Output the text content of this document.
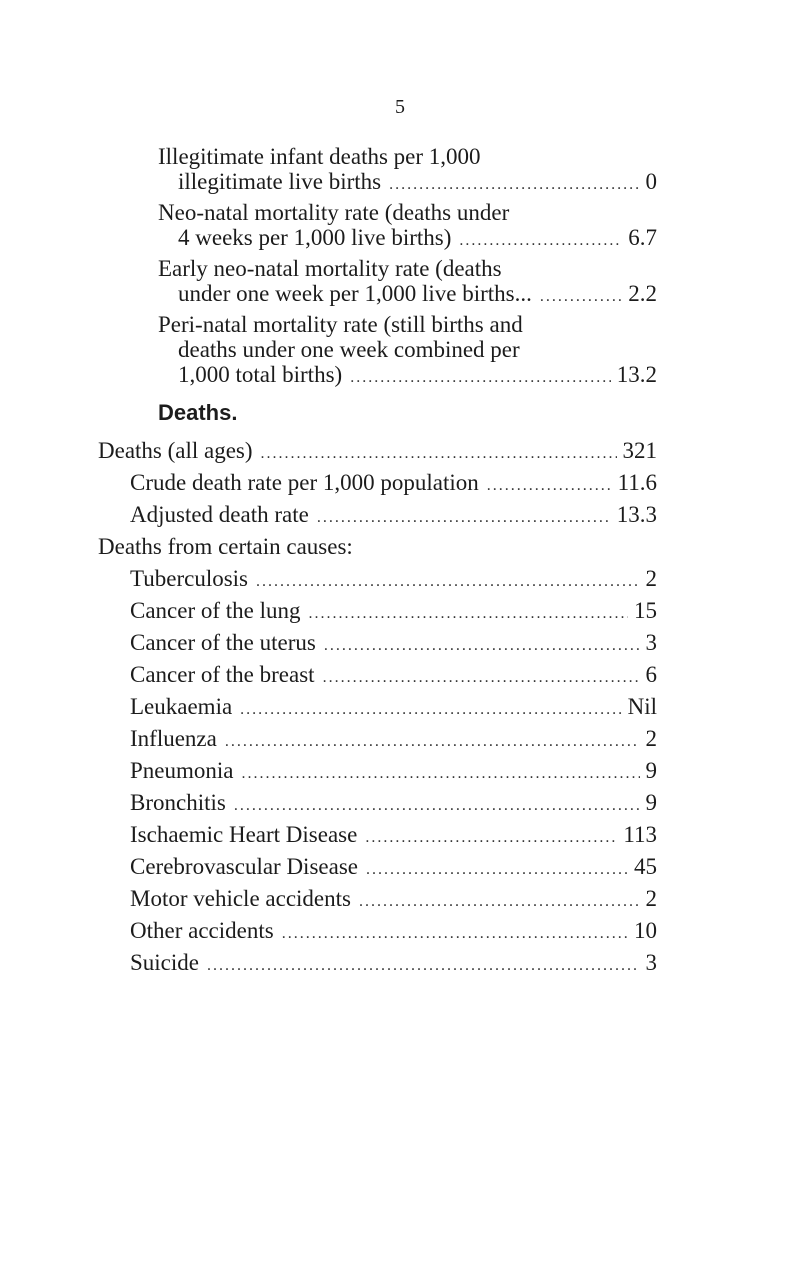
5
Illegitimate infant deaths per 1,000
illegitimate live births .....	0
Neo-natal mortality rate (deaths under
4 weeks per 1,000 live births) .....	6.7
Early neo-natal mortality rate (deaths
under one week per 1,000 live births... .....	2.2
Peri-natal mortality rate (still births and
deaths under one week combined per
1,000 total births) .....	13.2
Deaths.
Deaths (all ages) .....	321
Crude death rate per 1,000 population .....	11.6
Adjusted death rate .....	13.3
Deaths from certain causes:
Tuberculosis .....	2
Cancer of the lung .....	15
Cancer of the uterus .....	3
Cancer of the breast .....	6
Leukaemia .....	Nil
Influenza .....	2
Pneumonia .....	9
Bronchitis .....	9
Ischaemic Heart Disease .....	113
Cerebrovascular Disease .....	45
Motor vehicle accidents .....	2
Other accidents .....	10
Suicide .....	3
